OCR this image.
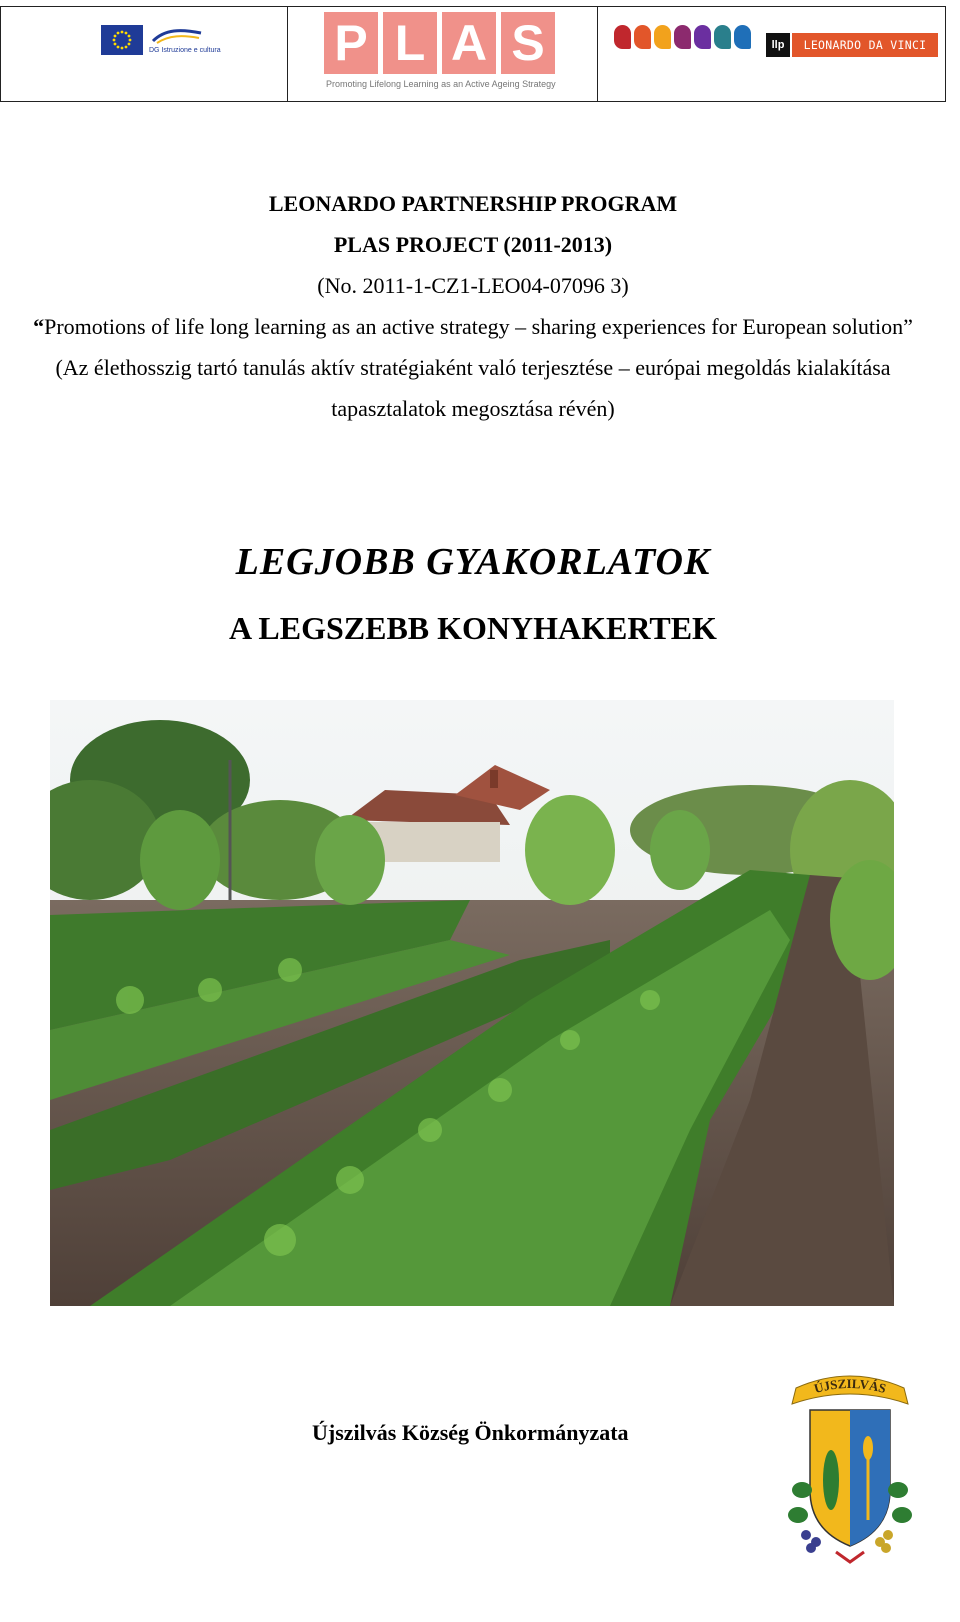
DG Istruzione e cultura P L A S
Promoting Lifelong Learning as an Active Ageing Strategy
llp	LEONARDO DA VINCI
LEONARDO PARTNERSHIP PROGRAM
PLAS PROJECT (2011-2013)
(No. 2011-1-CZ1-LEO04-07096 3)
“Promotions of life long learning as an active strategy – sharing experiences for European solution”
(Az élethosszig tartó tanulás aktív stratégiaként való terjesztése – európai megoldás kialakítása
tapasztalatok megosztása révén)
LEGJOBB GYAKORLATOK
A LEGSZEBB KONYHAKERTEK
Újszilvás Község Önkormányzata
ÚJSZILVÁS
